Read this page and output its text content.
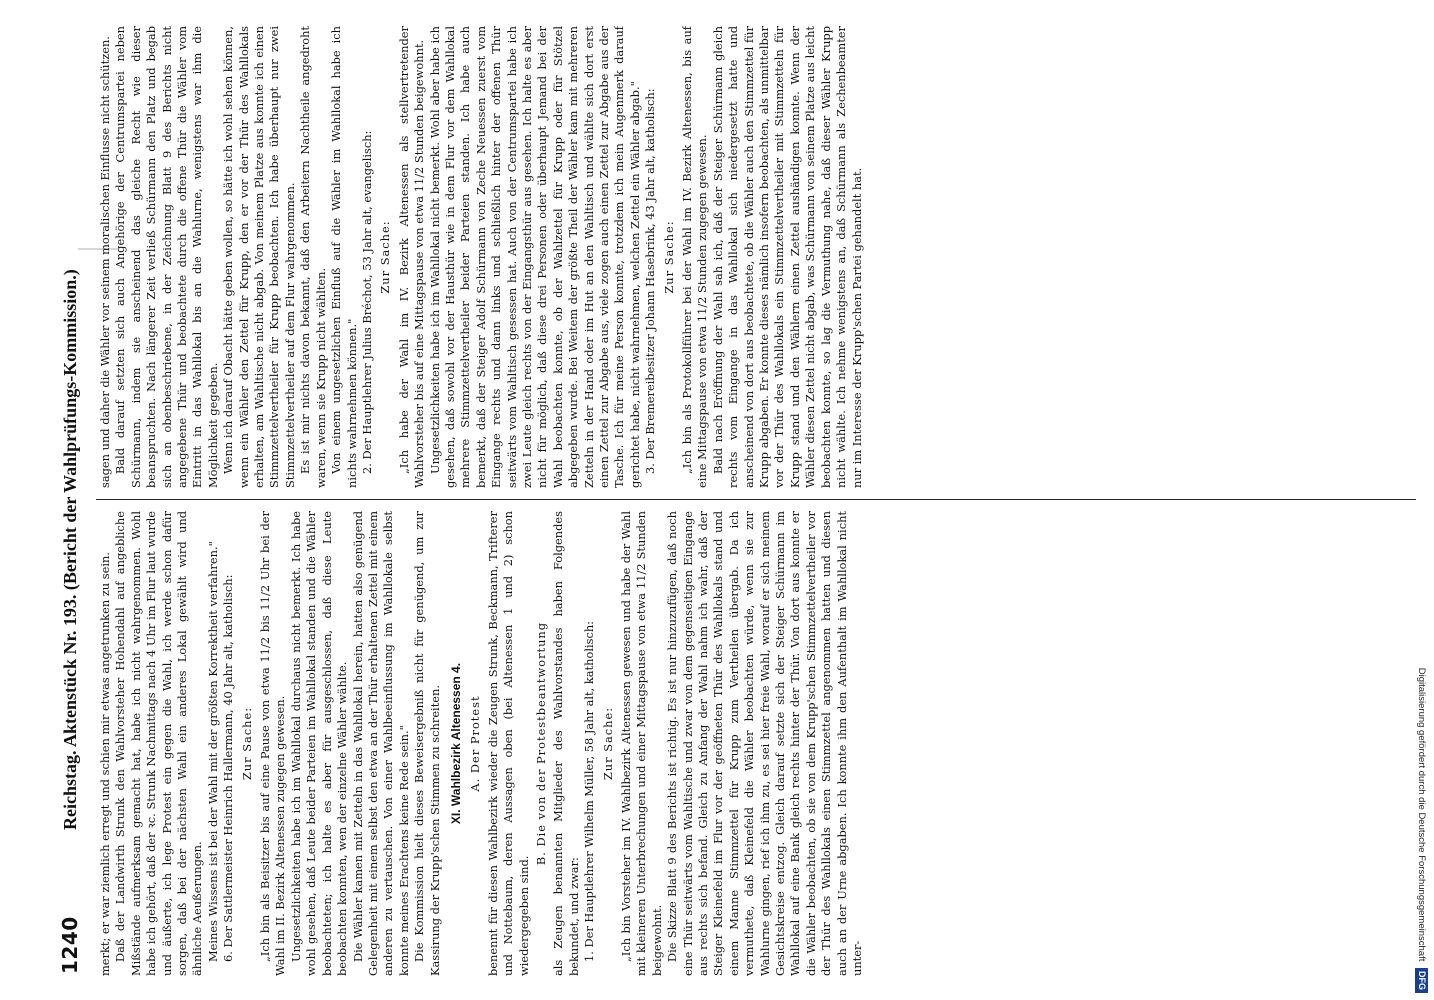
1240
Reichstag. Aktenstück Nr. 193. (Bericht der Wahlprüfungs-Kommission.) merkt; er war ziemlich erregt und schien mir etwas angetrunken zu sein. Daß der Landwirth Strunk den Wahlvorsteher Hohendahl auf angebliche Mißstände aufmerksam gemacht hat, habe ich nicht wahrgenommen. Wohl habe ich gehört, daß der ꝛc. Strunk Nachmittags nach 4 Uhr im Flur laut wurde und äußerte, ich lege Protest ein gegen die Wahl, ich werde schon dafür sorgen, daß bei der nächsten Wahl ein anderes Lokal gewählt wird und ähnliche Aeußerungen. Meines Wissens ist bei der Wahl mit der größten Korrektheit verfahren." 6. Der Sattlermeister Heinrich Hallermann, 40 Jahr alt, katholisch: Zur Sache: „Ich bin als Beisitzer bis auf eine Pause von etwa 11/2 bis 11/2 Uhr bei der Wahl im II. Bezirk Altenessen zugegen gewesen. Ungesetzlichkeiten habe ich im Wahllokal durchaus nicht bemerkt. Ich habe wohl gesehen, daß Leute beider Parteien im Wahllokal standen und die Wähler beobachteten; ich halte es aber für ausgeschlossen, daß diese Leute beobachten konnten, wen der einzelne Wähler wählte. Die Wähler kamen mit Zetteln in das Wahllokal herein, hatten also genügend Gelegenheit mit einem selbst den etwa an der Thür erhaltenen Zettel mit einem anderen zu vertauschen. Von einer Wahlbeeinflussung im Wahllokale selbst konnte meines Erachtens keine Rede sein." Die Kommission hielt dieses Beweisergebniß nicht für genügend, um zur Kassirung der Krupp'schen Stimmen zu schreiten. XI. Wahlbezirk Altenessen 4. A. Der Protest benennt für diesen Wahlbezirk wieder die Zeugen Strunk, Beckmann, Trifterer und Nottebaum, deren Aussagen oben (bei Altenessen 1 und 2) schon wiedergegeben sind.

B. Die von der Protestbeantwortung als Zeugen benannten Mitglieder des Wahlvorstandes haben Folgendes bekundet, und zwar: 1. Der Hauptlehrer Wilhelm Müller, 58 Jahr alt, katholisch: Zur Sache: „Ich bin Vorsteher im IV. Wahlbezirk Altenessen gewesen und habe der Wahl mit kleineren Unterbrechungen und einer Mittagspause von etwa 11/2 Stunden beigewohnt. Die Skizze Blatt 9 des Berichts ist richtig. Es ist nur hinzuzufügen, daß noch eine Thür seitwärts vom Wahltische und zwar von dem gegenseitigen Eingange aus rechts sich befand. Gleich zu Anfang der Wahl nahm ich wahr, daß der Steiger Kleinefeld im Flur vor der geöffneten Thür des Wahllokals stand und einem Manne Stimmzettel für Krupp zum Vertheilen übergab. Da ich vermuthete, daß Kleinefeld die Wähler beobachten würde, wenn sie zur Wahlurne gingen, rief ich ihm zu, es sei hier freie Wahl, worauf er sich meinem Gesichtskreise entzog. Gleich darauf setzte sich der Steiger Schürmann im Wahllokal auf eine Bank gleich rechts hinter der Thür. Von dort aus konnte er die Wähler beobachten, ob sie von dem Krupp'schen Stimmzettelvertheiler vor der Thür des Wahllokals einen Stimmzettel angenommen hatten und diesen auch an der Urne abgaben. Ich konnte ihm den Aufenthalt im Wahllokal nicht unter-

sagen und daher die Wähler vor seinem moralischen Einflusse nicht schützen. Bald darauf setzten sich auch Angehörige der Centrumspartei neben Schürmann, indem sie anscheinend das gleiche Recht wie dieser beanspruchten. Nach längerer Zeit verließ Schürmann den Platz und begab sich an obenbeschriebene, in der Zeichnung Blatt 9 des Berichts nicht angegebene Thür und beobachtete durch die offene Thür die Wähler vom Eintritt in das Wahllokal bis an die Wahlurne, wenigstens war ihm die Möglichkeit gegeben. Wenn ich darauf Obacht hätte geben wollen, so hätte ich wohl sehen können, wenn ein Wähler den Zettel für Krupp, den er vor der Thür des Wahllokals erhalten, am Wahltische nicht abgab. Von meinem Platze aus konnte ich einen Stimmzettelvertheiler für Krupp beobachten. Ich habe überhaupt nur zwei Stimmzettelvertheiler auf dem Flur wahrgenommen. Es ist mir nichts davon bekannt, daß den Arbeitern Nachtheile angedroht waren, wenn sie Krupp nicht wählten. Von einem ungesetzlichen Einfluß auf die Wähler im Wahllokal habe ich nichts wahrnehmen können." 2. Der Hauptlehrer Julius Bréchot, 53 Jahr alt, evangelisch: Zur Sache: „Ich habe der Wahl im IV. Bezirk Altenessen als stellvertretender Wahlvorsteher bis auf eine Mittagspause von etwa 11/2 Stunden beigewohnt. Ungesetzlichkeiten habe ich im Wahllokal nicht bemerkt. Wohl aber habe ich gesehen, daß sowohl vor der Hausthür wie in dem Flur vor dem Wahllokal mehrere Stimmzettelvertheiler beider Parteien standen. Ich habe auch bemerkt, daß der Steiger Adolf Schürmann von Zeche Neuessen zuerst vom Eingange rechts und dann links und schließlich hinter der offenen Thür seitwärts vom Wahltisch gesessen hat. Auch von der Centrumspartei habe ich zwei Leute gleich rechts von der Eingangsthür aus gesehen. Ich halte es aber nicht für möglich, daß diese drei Personen oder überhaupt Jemand bei der Wahl beobachten konnte, ob der Wahlzettel für Krupp oder für Stötzel abgegeben wurde. Bei Weitem der größte Theil der Wähler kam mit mehreren Zetteln in der Hand oder im Hut an den Wahltisch und wählte sich dort erst einen Zettel zur Abgabe aus, viele zogen auch einen Zettel zur Abgabe aus der Tasche. Ich für meine Person konnte, trotzdem ich mein Augenmerk darauf gerichtet habe, nicht wahrnehmen, welchen Zettel ein Wähler abgab." 3. Der Bremereibesitzer Johann Hasebrink, 43 Jahr alt, katholisch: Zur Sache: „Ich bin als Protokollführer bei der Wahl im IV. Bezirk Altenessen, bis auf eine Mittagspause von etwa 11/2 Stunden zugegen gewesen. Bald nach Eröffnung der Wahl sah ich, daß der Steiger Schürmann gleich rechts vom Eingange in das Wahllokal sich niedergesetzt hatte und anscheinend von dort aus beobachtete, ob die Wähler auch den Stimmzettel für Krupp abgaben. Er konnte dieses nämlich insofern beobachten, als unmittelbar vor der Thür des Wahllokals ein Stimmzettelvertheiler mit Stimmzetteln für Krupp stand und den Wählern einen Zettel aushändigen konnte. Wenn der Wähler diesen Zettel nicht abgab, was Schürmann von seinem Platze aus leicht beobachten konnte, so lag die Vermuthung nahe, daß dieser Wähler Krupp nicht wählte. Ich nehme wenigstens an, daß Schürmann als Zechenbeamter nur im Interesse der Krupp'schen Partei gehandelt hat.

Digitalisierung gefördert durch die Deutsche Forschungsgemeinschaft DFG
